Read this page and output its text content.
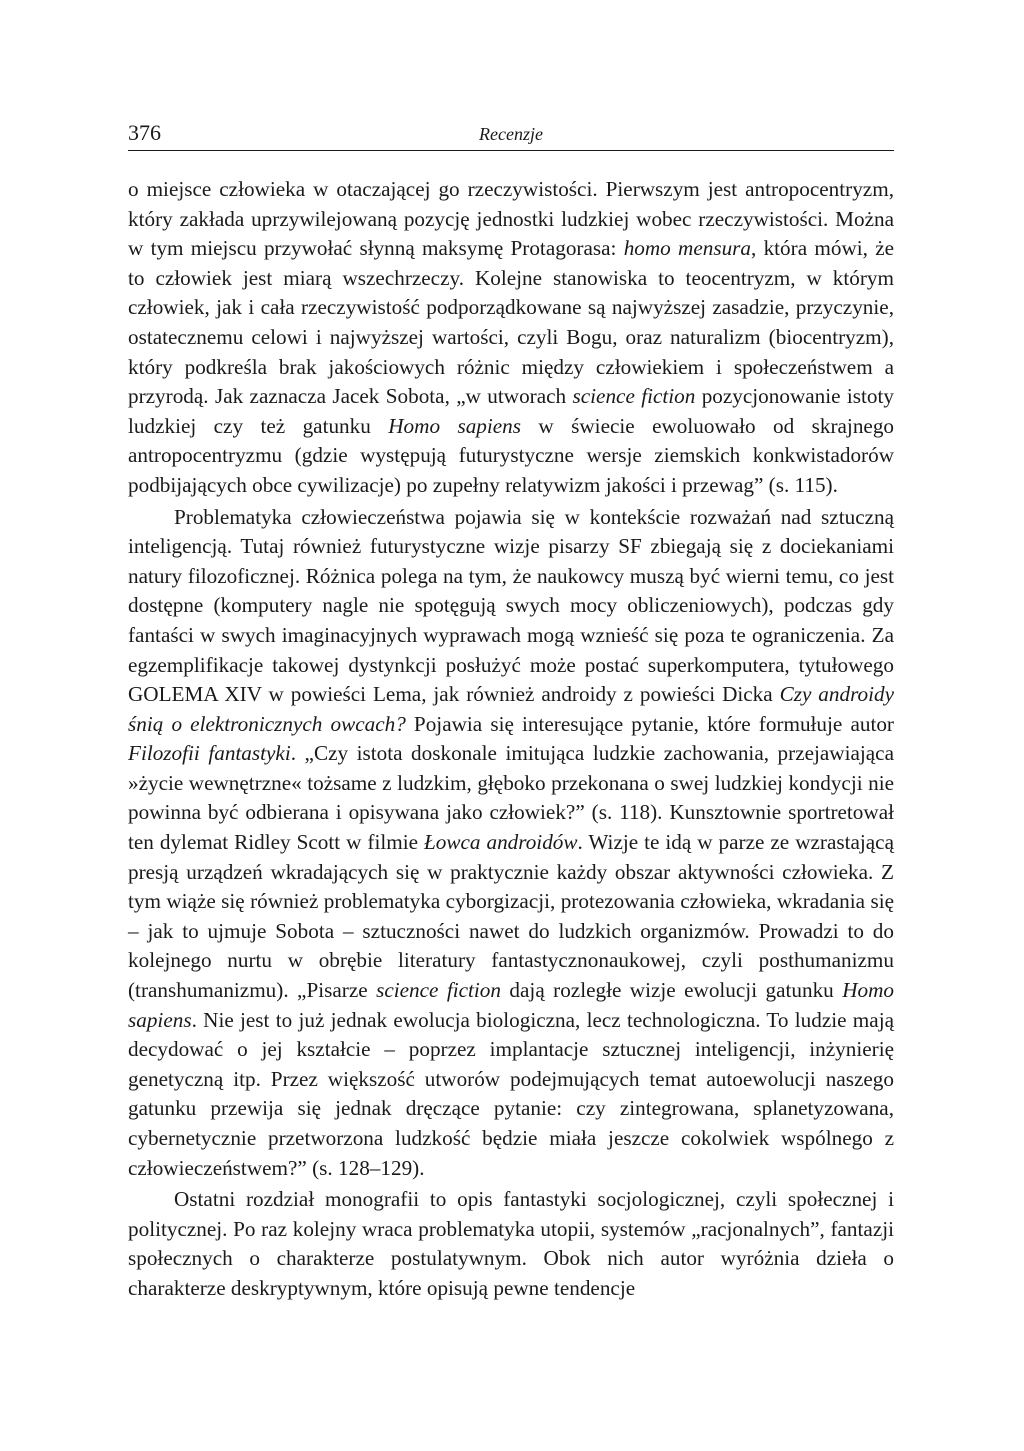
376	Recenzje

o miejsce człowieka w otaczającej go rzeczywistości. Pierwszym jest antropocentryzm, który zakłada uprzywilejowaną pozycję jednostki ludzkiej wobec rzeczywistości. Można w tym miejscu przywołać słynną maksymę Protagorasa: homo mensura, która mówi, że to człowiek jest miarą wszechrzeczy. Kolejne stanowiska to teocentryzm, w którym człowiek, jak i cała rzeczywistość podporządkowane są najwyższej zasadzie, przyczynie, ostatecznemu celowi i najwyższej wartości, czyli Bogu, oraz naturalizm (biocentryzm), który podkreśla brak jakościowych różnic między człowiekiem i społeczeństwem a przyrodą. Jak zaznacza Jacek Sobota, „w utworach science fiction pozycjonowanie istoty ludzkiej czy też gatunku Homo sapiens w świecie ewoluowało od skrajnego antropocentryzmu (gdzie występują futurystyczne wersje ziemskich konkwistadorów podbijających obce cywilizacje) po zupełny relatywizm jakości i przewag” (s. 115).

Problematyka człowieczeństwa pojawia się w kontekście rozważań nad sztuczną inteligencją. Tutaj również futurystyczne wizje pisarzy SF zbiegają się z dociekaniami natury filozoficznej. Różnica polega na tym, że naukowcy muszą być wierni temu, co jest dostępne (komputery nagle nie spotęgują swych mocy obliczeniowych), podczas gdy fantaści w swych imaginacyjnych wyprawach mogą wznieść się poza te ograniczenia. Za egzemplifikacje takowej dystynkcji posłużyć może postać superkomputera, tytułowego GOLEMA XIV w powieści Lema, jak również androidy z powieści Dicka Czy androidy śnią o elektronicznych owcach? Pojawia się interesujące pytanie, które formułuje autor Filozofii fantastyki. „Czy istota doskonale imitująca ludzkie zachowania, przejawiająca »życie wewnętrzne« tożsame z ludzkim, głęboko przekonana o swej ludzkiej kondycji nie powinna być odbierana i opisywana jako człowiek?” (s. 118). Kunsztownie sportretował ten dylemat Ridley Scott w filmie Łowca androidów. Wizje te idą w parze ze wzrastającą presją urządzeń wkradających się w praktycznie każdy obszar aktywności człowieka. Z tym wiąże się również problematyka cyborgizacji, protezowania człowieka, wkradania się – jak to ujmuje Sobota – sztuczności nawet do ludzkich organizmów. Prowadzi to do kolejnego nurtu w obrębie literatury fantastycznonaukowej, czyli posthumanizmu (transhumanizmu). „Pisarze science fiction dają rozległe wizje ewolucji gatunku Homo sapiens. Nie jest to już jednak ewolucja biologiczna, lecz technologiczna. To ludzie mają decydować o jej kształcie – poprzez implantacje sztucznej inteligencji, inżynierię genetyczną itp. Przez większość utworów podejmujących temat autoewolucji naszego gatunku przewija się jednak dręczące pytanie: czy zintegrowana, splanetyzowana, cybernetycznie przetworzona ludzkość będzie miała jeszcze cokolwiek wspólnego z człowieczeństwem?” (s. 128–129).

Ostatni rozdział monografii to opis fantastyki socjologicznej, czyli społecznej i politycznej. Po raz kolejny wraca problematyka utopii, systemów „racjonalnych”, fantazji społecznych o charakterze postulatywnym. Obok nich autor wyróżnia dzieła o charakterze deskryptywnym, które opisują pewne tendencje
